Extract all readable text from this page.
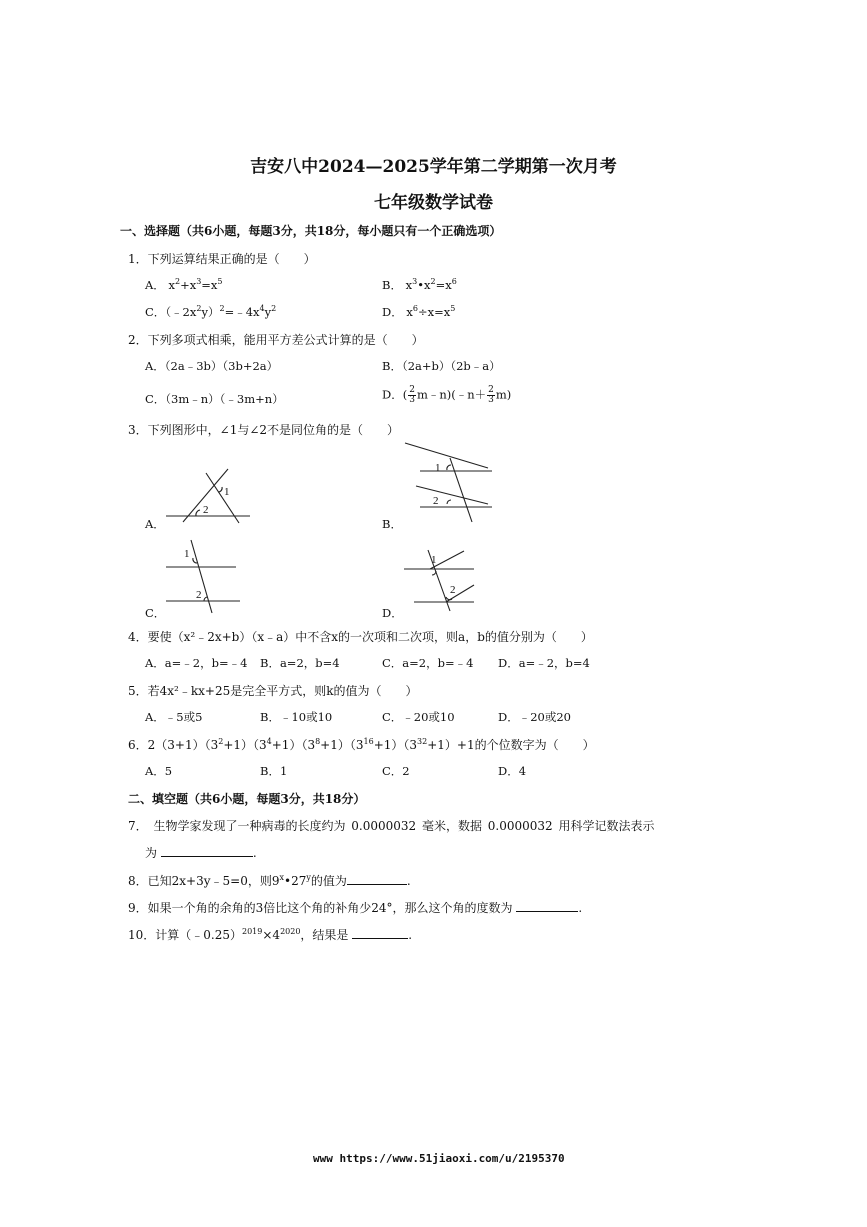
吉安八中2024—2025学年第二学期第一次月考
七年级数学试卷
一、选择题（共6小题，每题3分，共18分，每小题只有一个正确选项）
1．下列运算结果正确的是（　　）
A． $x^2+x^3=x^5$	B． $x^3•x^2=x^6$
C．$(﹣2x^2y)^2=﹣4x^4y^2$	D． $x^6\div x=x^5$
2．下列多项式相乘，能用平方差公式计算的是（　　）
A．（2a﹣3b）（3b+2a）	B．（2a+b）（2b﹣a）
C．（3m﹣n）（﹣3m+n）	D．( $\frac{2}{3}$ m﹣n)(﹣n＋ $\frac{2}{3} m$)
3．下列图形中，∠1与∠2不是同位角的是（　　）
1
2
A．
1
2
B．
1
2
C．
1
2
D．
4．要使（x²﹣2x+b）（x﹣a）中不含x的一次项和二次项，则a，b的值分别为（　　）
A．a=﹣2，b=﹣4 B．a=2，b=4	C．a=2，b=﹣4 D．a=﹣2，b=4
5．若4x²﹣kx+25是完全平方式，则k的值为（　　）
A．﹣5或5	B．﹣10或10	C．﹣20或10	D．﹣20或20
6．$2(3+1)(3^2+1)(3^4+1)(3^8+1)(3^{16}+1)(3^{32}+1)+1$的个位数字为（　　）
A．5	B．1	C．2	D．4
二、填空题（共6小题，每题3分，共18分）
7． 生物学家发现了一种病毒的长度约为 0.0000032 毫米，数据 0.0000032 用科学记数法表示
为	.
8．已知2x+3y﹣5=0，则9$^x$•27$^y$的值为	.
9．如果一个角的余角的3倍比这个角的补角少24°，那么这个角的度数为	.
10．计算$(﹣0.25)^{2019}\times 4^{2020}$，结果是	.
www https://www.51jiaoxi.com/u/2195370
